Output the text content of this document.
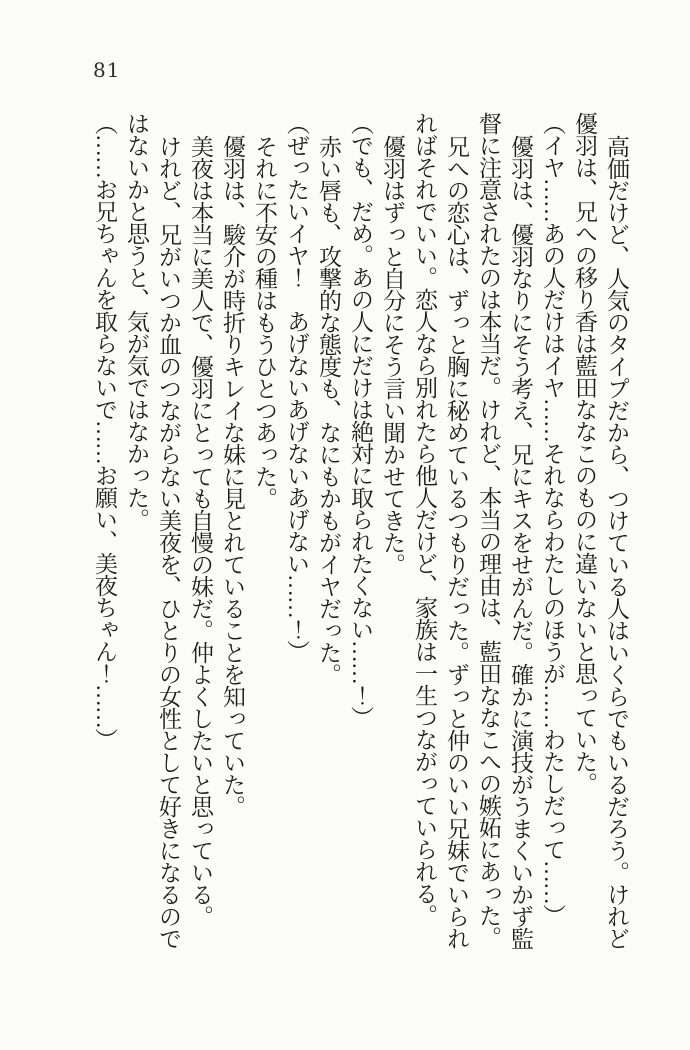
81

高価だけど、人気のタイプだから、つけている人はいくらでもいるだろう。けれど優羽は、兄への移り香は藍田ななこのものに違いないと思っていた。

（イヤ……あの人だけはイヤ……それならわたしのほうが……わたしだって……）

優羽は、優羽なりにそう考え、兄にキスをせがんだ。確かに演技がうまくいかず監督に注意されたのは本当だ。けれど、本当の理由は、藍田ななこへの嫉妬にあった。

兄への恋心は、ずっと胸に秘めているつもりだった。ずっと仲のいい兄妹でいられればそれでいい。恋人なら別れたら他人だけど、家族は一生つながっていられる。

優羽はずっと自分にそう言い聞かせてきた。

（でも、だめ。あの人にだけは絶対に取られたくない……！）

赤い唇も、攻撃的な態度も、なにもかもがイヤだった。

（ぜったいイヤ！　あげないあげないあげない……！）

それに不安の種はもうひとつあった。

優羽は、駿介が時折りキレイな妹に見とれていることを知っていた。

美夜は本当に美人で、優羽にとっても自慢の妹だ。仲よくしたいと思っている。

けれど、兄がいつか血のつながらない美夜を、ひとりの女性として好きになるのではないかと思うと、気が気ではなかった。

（……お兄ちゃんを取らないで……お願い、美夜ちゃん！……）
